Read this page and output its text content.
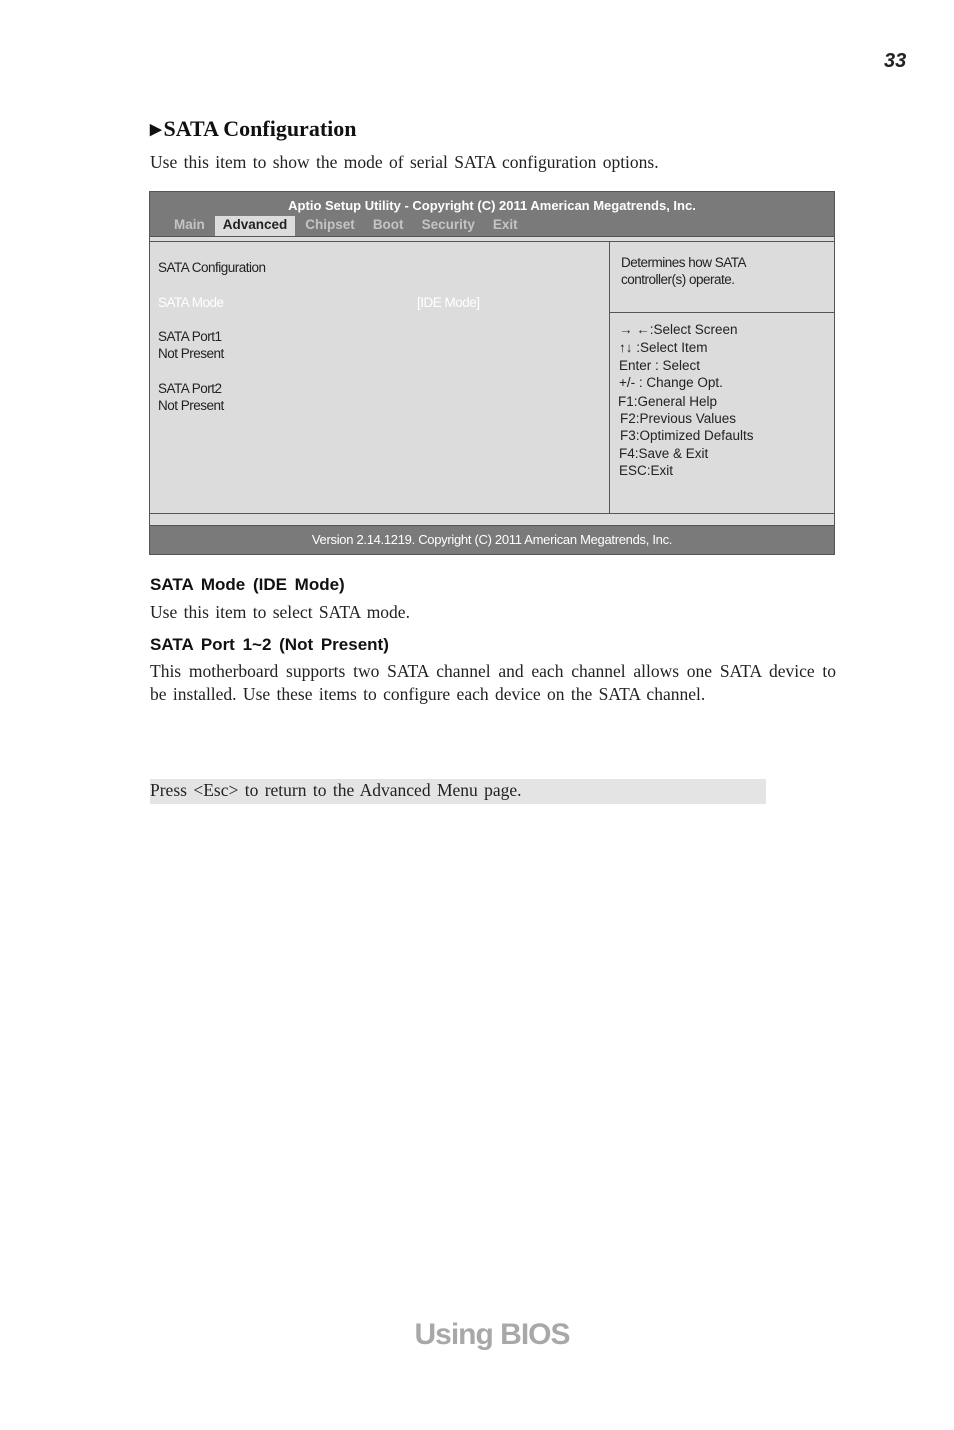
33
▶SATA Configuration
Use this item to show the mode of serial SATA configuration options.
Aptio Setup Utility - Copyright (C) 2011 American Megatrends, Inc.
Main	Advanced	Chipset	Boot	Security	Exit
SATA Configuration
SATA Mode	[IDE Mode]
SATA Port1
Not Present
SATA Port2
Not Present
Determines how SATA
controller(s) operate.
→ ←:Select Screen
↑↓ :Select Item
Enter : Select
+/- : Change Opt.
F1:General Help
F2:Previous Values
F3:Optimized Defaults
F4:Save & Exit
ESC:Exit
Version 2.14.1219. Copyright (C) 2011 American Megatrends, Inc.
SATA Mode (IDE Mode)
Use this item to select SATA mode.
SATA Port 1~2 (Not Present)
This motherboard supports two SATA channel and each channel allows one SATA device to be installed. Use these items to configure each device on the SATA channel.
Press <Esc> to return to the Advanced Menu page.
Using BIOS
